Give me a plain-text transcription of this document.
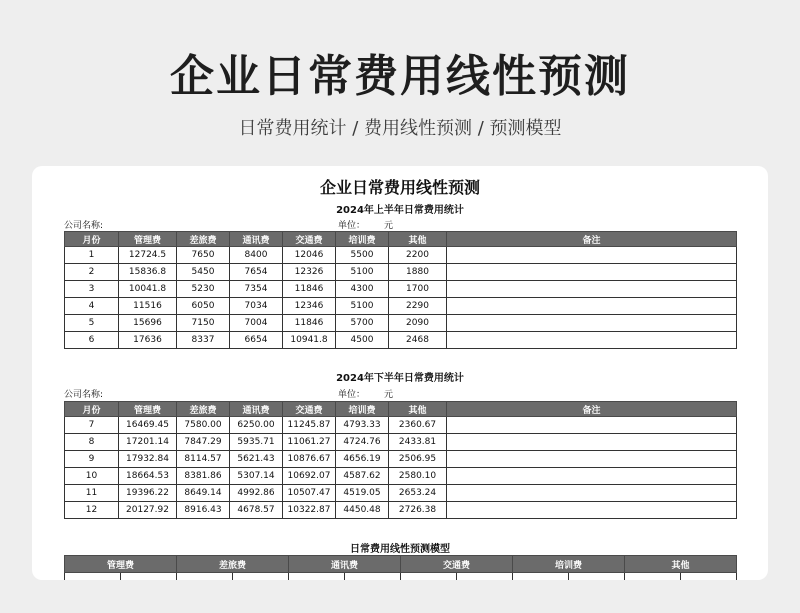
企业日常费用线性预测
日常费用统计 / 费用线性预测 / 预测模型
企业日常费用线性预测
2024年上半年日常费用统计
公司名称:	单位： 元
月份	管理费	差旅费	通讯费	交通费	培训费	其他	备注
1	12724.5	7650	8400	12046	5500	2200	
2	15836.8	5450	7654	12326	5100	1880	
3	10041.8	5230	7354	11846	4300	1700	
4	11516	6050	7034	12346	5100	2290	
5	15696	7150	7004	11846	5700	2090	
6	17636	8337	6654	10941.8	4500	2468	
2024年下半年日常费用统计
公司名称:	单位： 元
月份	管理费	差旅费	通讯费	交通费	培训费	其他	备注
7	16469.45	7580.00	6250.00	11245.87	4793.33	2360.67	
8	17201.14	7847.29	5935.71	11061.27	4724.76	2433.81	
9	17932.84	8114.57	5621.43	10876.67	4656.19	2506.95	
10	18664.53	8381.86	5307.14	10692.07	4587.62	2580.10	
11	19396.22	8649.14	4992.86	10507.47	4519.05	2653.24	
12	20127.92	8916.43	4678.57	10322.87	4450.48	2726.38	
日常费用线性预测模型
管理费		差旅费		通讯费		交通费		培训费		其他	
